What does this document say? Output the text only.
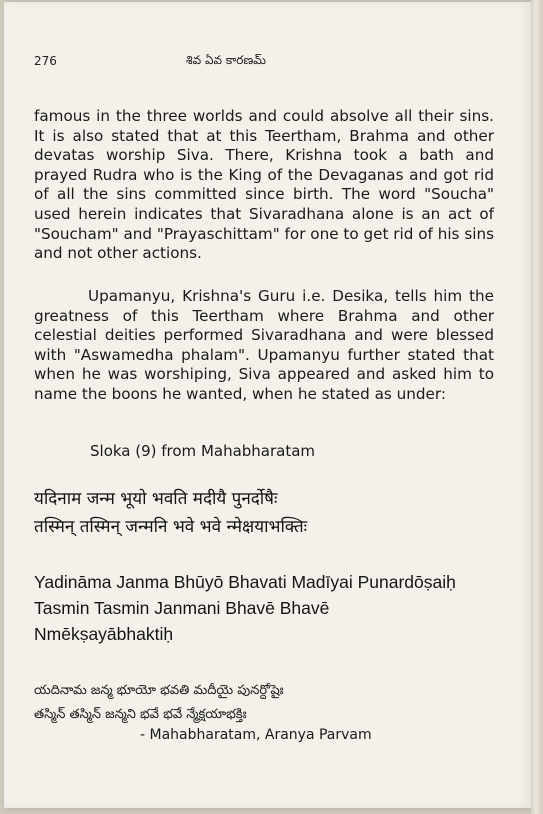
276	శివ ఏవ కారణమ్

famous in the three worlds and could absolve all their sins. It is also stated that at this Teertham, Brahma and other devatas worship Siva. There, Krishna took a bath and prayed Rudra who is the King of the Devaganas and got rid of all the sins committed since birth. The word "Soucha" used herein indicates that Sivaradhana alone is an act of "Soucham" and "Prayaschittam" for one to get rid of his sins and not other actions.

Upamanyu, Krishna's Guru i.e. Desika, tells him the greatness of this Teertham where Brahma and other celestial deities performed Sivaradhana and were blessed with "Aswamedha phalam". Upamanyu further stated that when he was worshiping, Siva appeared and asked him to name the boons he wanted, when he stated as under:

Sloka (9) from Mahabharatam
यदिनाम जन्म भूयो भवति मदीयै पुनर्दोषैः
तस्मिन् तस्मिन् जन्मनि भवे भवे न्मेक्षयाभक्तिः
Yadināma Janma Bhūyō Bhavati Madīyai Punardōṣaiḥ
Tasmin Tasmin Janmani Bhavē Bhavē
Nmēkṣayābhaktiḥ
యదినామ జన్మ భూయో భవతి మదీయై పునర్దోషైః
తస్మిన్ తస్మిన్ జన్మని భవే భవే న్మేక్షయాభక్తిః
- Mahabharatam, Aranya Parvam
